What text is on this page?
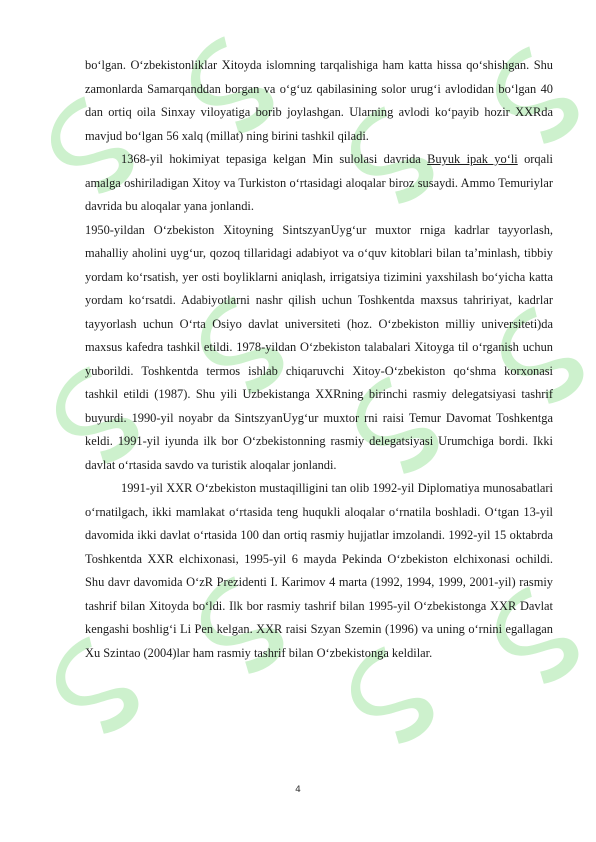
bo‘lgan. O‘zbekistonliklar Xitoyda islomning tarqalishiga ham katta hissa qo‘shishgan. Shu zamonlarda Samarqanddan borgan va o‘g‘uz qabilasining solor urug‘i avlodidan bo‘lgan 40 dan ortiq oila Sinxay viloyatiga borib joylashgan. Ularning avlodi ko‘payib hozir XXRda mavjud bo‘lgan 56 xalq (millat) ning birini tashkil qiladi.

1368-yil hokimiyat tepasiga kelgan Min sulolasi davrida Buyuk ipak yo‘li orqali amalga oshiriladigan Xitoy va Turkiston o‘rtasidagi aloqalar biroz susaydi. Ammo Temuriylar davrida bu aloqalar yana jonlandi.

1950-yildan O‘zbekiston Xitoyning SintszyanUyg‘ur muxtor rniga kadrlar tayyorlash, mahalliy aholini uyg‘ur, qozoq tillaridagi adabiyot va o‘quv kitoblari bilan ta’minlash, tibbiy yordam ko‘rsatish, yer osti boyliklarni aniqlash, irrigatsiya tizimini yaxshilash bo‘yicha katta yordam ko‘rsatdi. Adabiyotlarni nashr qilish uchun Toshkentda maxsus tahririyat, kadrlar tayyorlash uchun O‘rta Osiyo davlat universiteti (hoz. O‘zbekiston milliy universiteti)da maxsus kafedra tashkil etildi. 1978-yildan O‘zbekiston talabalari Xitoyga til o‘rganish uchun yuborildi. Toshkentda termos ishlab chiqaruvchi Xitoy-O‘zbekiston qo‘shma korxonasi tashkil etildi (1987). Shu yili Uzbekistanga XXRning birinchi rasmiy delegatsiyasi tashrif buyurdi. 1990-yil noyabr da SintszyanUyg‘ur muxtor rni raisi Temur Davomat Toshkentga keldi. 1991-yil iyunda ilk bor O‘zbekistonning rasmiy delegatsiyasi Urumchiga bordi. Ikki davlat o‘rtasida savdo va turistik aloqalar jonlandi.

1991-yil XXR O‘zbekiston mustaqilligini tan olib 1992-yil Diplomatiya munosabatlari o‘rnatilgach, ikki mamlakat o‘rtasida teng huqukli aloqalar o‘rnatila boshladi. O‘tgan 13-yil davomida ikki davlat o‘rtasida 100 dan ortiq rasmiy hujjatlar imzolandi. 1992-yil 15 oktabrda Toshkentda XXR elchixonasi, 1995-yil 6 mayda Pekinda O‘zbekiston elchixonasi ochildi. Shu davr davomida O‘zR Prezidenti I. Karimov 4 marta (1992, 1994, 1999, 2001-yil) rasmiy tashrif bilan Xitoyda bo‘ldi. Ilk bor rasmiy tashrif bilan 1995-yil O‘zbekistonga XXR Davlat kengashi boshlig‘i Li Pen kelgan. XXR raisi Szyan Szemin (1996) va uning o‘rnini egallagan Xu Szintao (2004)lar ham rasmiy tashrif bilan O‘zbekistonga keldilar.

4
